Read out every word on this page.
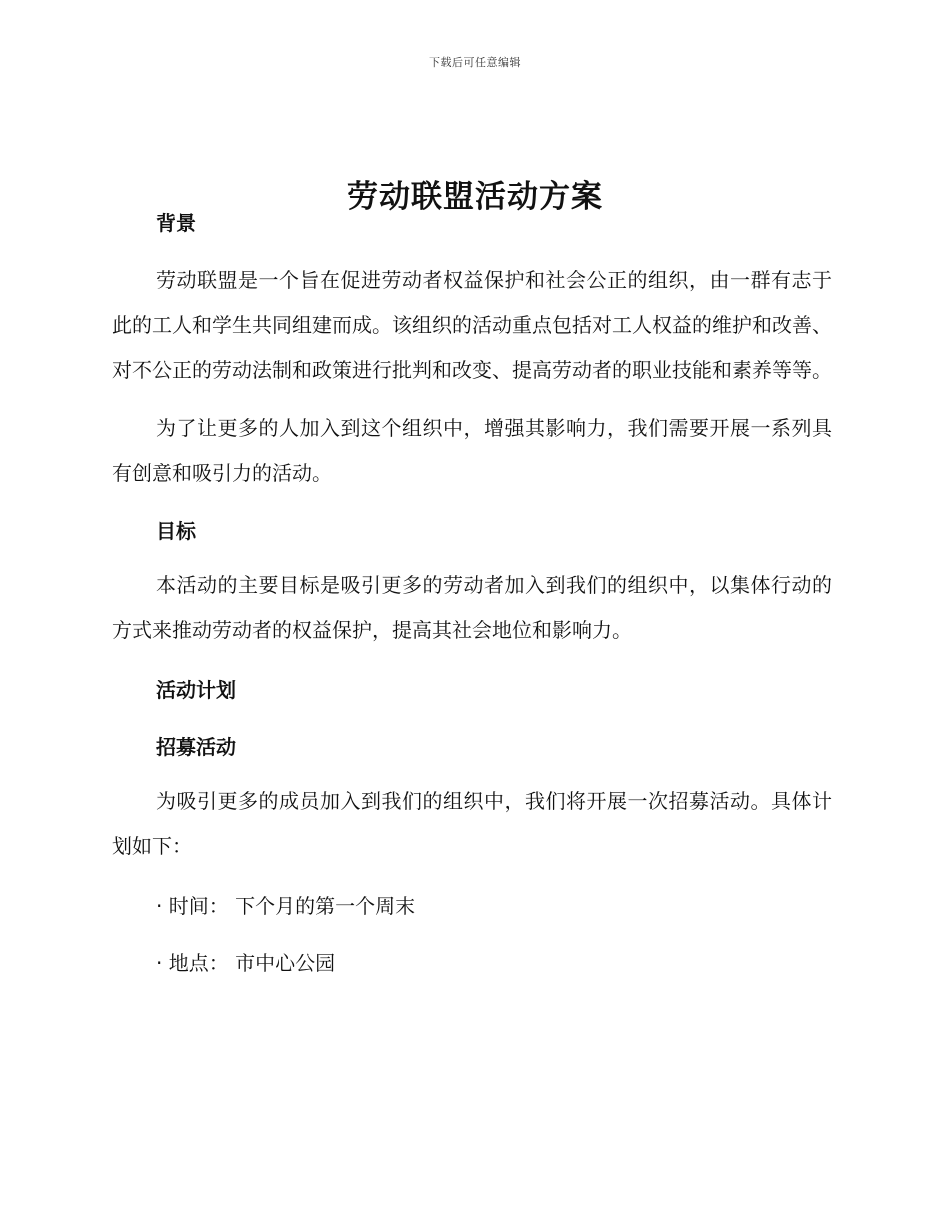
下载后可任意编辑
劳动联盟活动方案

背景

劳动联盟是一个旨在促进劳动者权益保护和社会公正的组织，由一群有志于此的工人和学生共同组建而成。该组织的活动重点包括对工人权益的维护和改善、对不公正的劳动法制和政策进行批判和改变、提高劳动者的职业技能和素养等等。

为了让更多的人加入到这个组织中，增强其影响力，我们需要开展一系列具有创意和吸引力的活动。

目标

本活动的主要目标是吸引更多的劳动者加入到我们的组织中，以集体行动的方式来推动劳动者的权益保护，提高其社会地位和影响力。

活动计划

招募活动

为吸引更多的成员加入到我们的组织中，我们将开展一次招募活动。具体计划如下：

· 时间： 下个月的第一个周末

· 地点： 市中心公园
